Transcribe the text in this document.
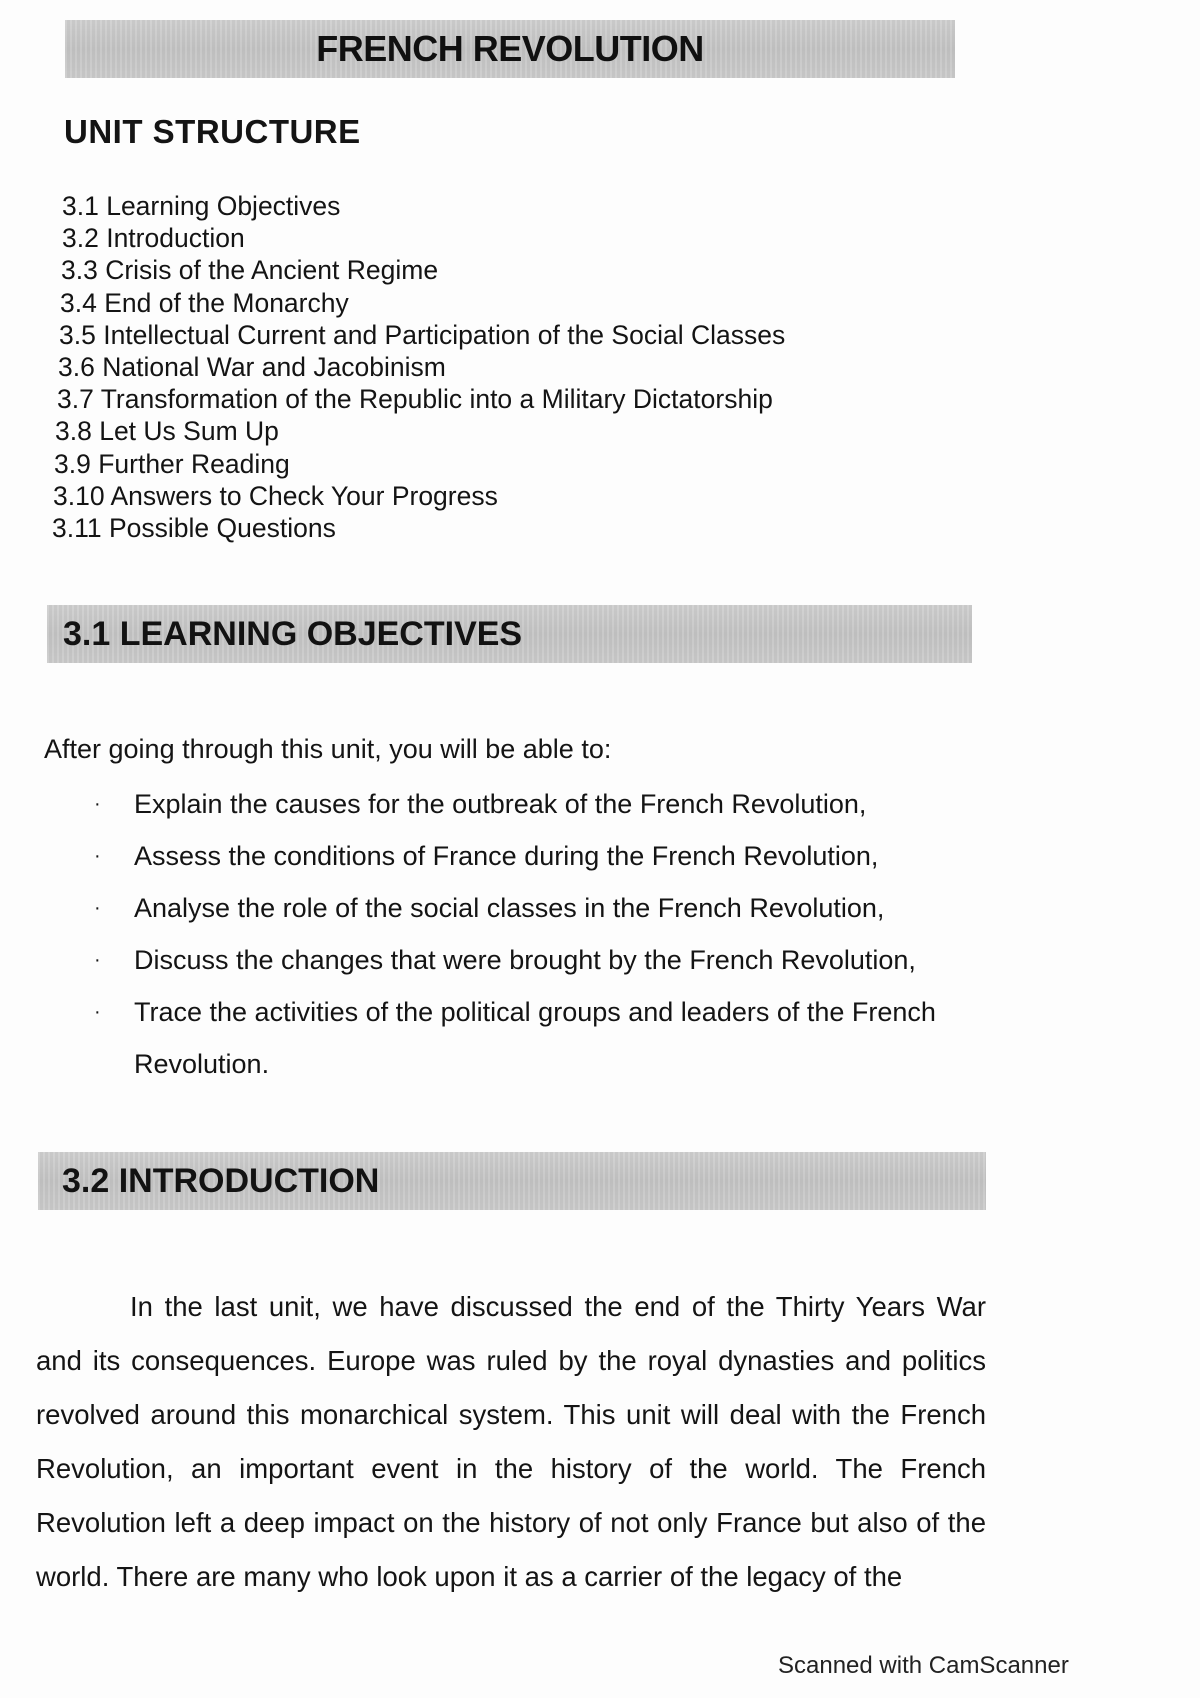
FRENCH REVOLUTION
UNIT STRUCTURE
3.1 Learning Objectives
3.2 Introduction
3.3 Crisis of the Ancient Regime
3.4 End of the Monarchy
3.5 Intellectual Current and Participation of the Social Classes
3.6 National War and Jacobinism
3.7 Transformation of the Republic into a Military Dictatorship
3.8 Let Us Sum Up
3.9 Further Reading
3.10 Answers to Check Your Progress
3.11 Possible Questions
3.1 LEARNING OBJECTIVES
After going through this unit, you will be able to:
· Explain the causes for the outbreak of the French Revolution,
· Assess the conditions of France during the French Revolution,
· Analyse the role of the social classes in the French Revolution,
· Discuss the changes that were brought by the French Revolution,
· Trace the activities of the political groups and leaders of the French Revolution.
3.2 INTRODUCTION

In the last unit, we have discussed the end of the Thirty Years War and its consequences. Europe was ruled by the royal dynasties and politics revolved around this monarchical system. This unit will deal with the French Revolution, an important event in the history of the world. The French Revolution left a deep impact on the history of not only France but also of the world. There are many who look upon it as a carrier of the legacy of the

Scanned with CamScanner
